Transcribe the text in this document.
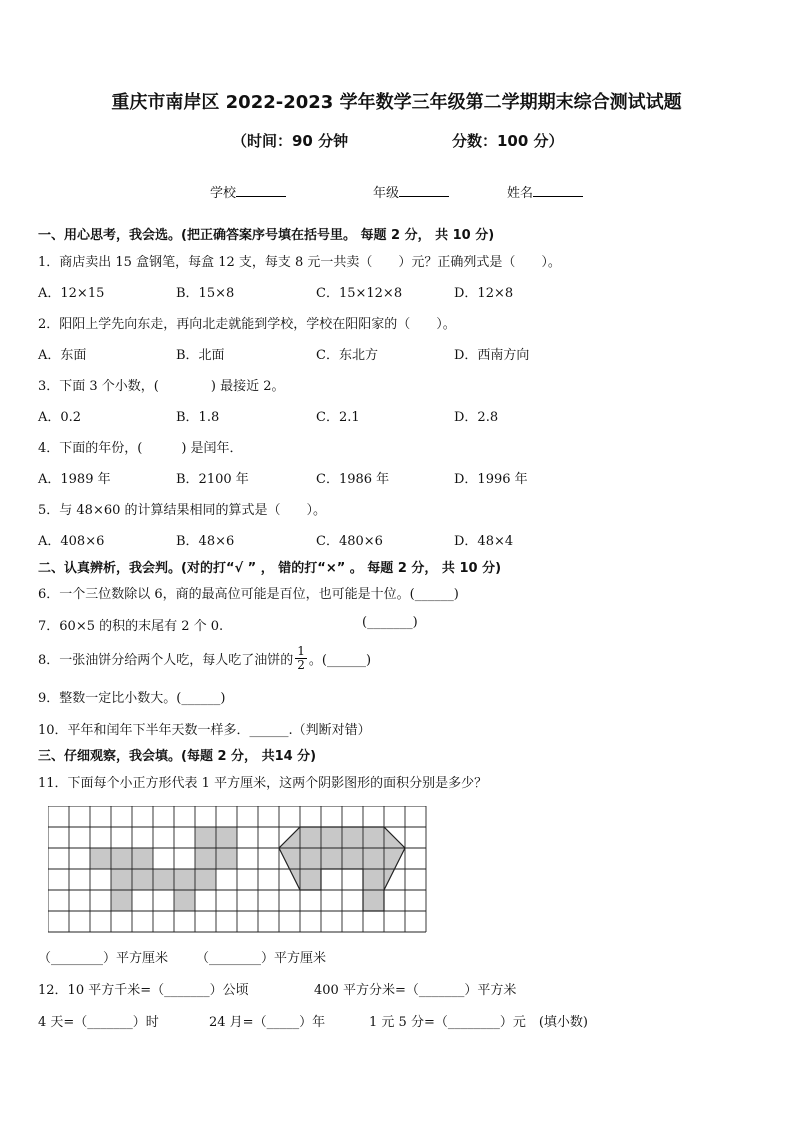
重庆市南岸区 2022-2023 学年数学三年级第二学期期末综合测试试题
（时间：90 分钟	分数：100 分）
学校	年级	姓名
一、用心思考，我会选。(把正确答案序号填在括号里。 每题 2 分， 共 10 分)
1．商店卖出 15 盒钢笔，每盒 12 支，每支 8 元一共卖（　　）元？正确列式是（　　）。
A．12×15	B．15×8	C．15×12×8	D．12×8
2．阳阳上学先向东走，再向北走就能到学校，学校在阳阳家的（　　）。
A．东面	B．北面	C．东北方	D．西南方向
3．下面 3 个小数，(　　　　) 最接近 2。
A．0.2	B．1.8	C．2.1	D．2.8
4．下面的年份，(　　　) 是闰年．
A．1989 年	B．2100 年	C．1986 年	D．1996 年
5．与 48×60 的计算结果相同的算式是（　　）。
A．408×6	B．48×6	C．480×6	D．48×4
二、认真辨析，我会判。(对的打“√ ” ， 错的打“×” 。 每题 2 分， 共 10 分)
6．一个三位数除以 6，商的最高位可能是百位，也可能是十位。(______)
7．60×5 的积的末尾有 2 个 0.	(_______)
8．一张油饼分给两个人吃，每人吃了油饼的 $\frac{1}{2}$ 。(______)
9．整数一定比小数大。(______)
10．平年和闰年下半年天数一样多．______.（判断对错）
三、仔细观察，我会填。(每题 2 分， 共14 分)
11．下面每个小正方形代表 1 平方厘米，这两个阴影图形的面积分别是多少？
（________）平方厘米 （________）平方厘米
12．10 平方千米=（_______）公顷	400 平方分米=（_______）平方米
4 天=（_______）时	24 月=（_____）年	1 元 5 分=（________）元　(填小数)
